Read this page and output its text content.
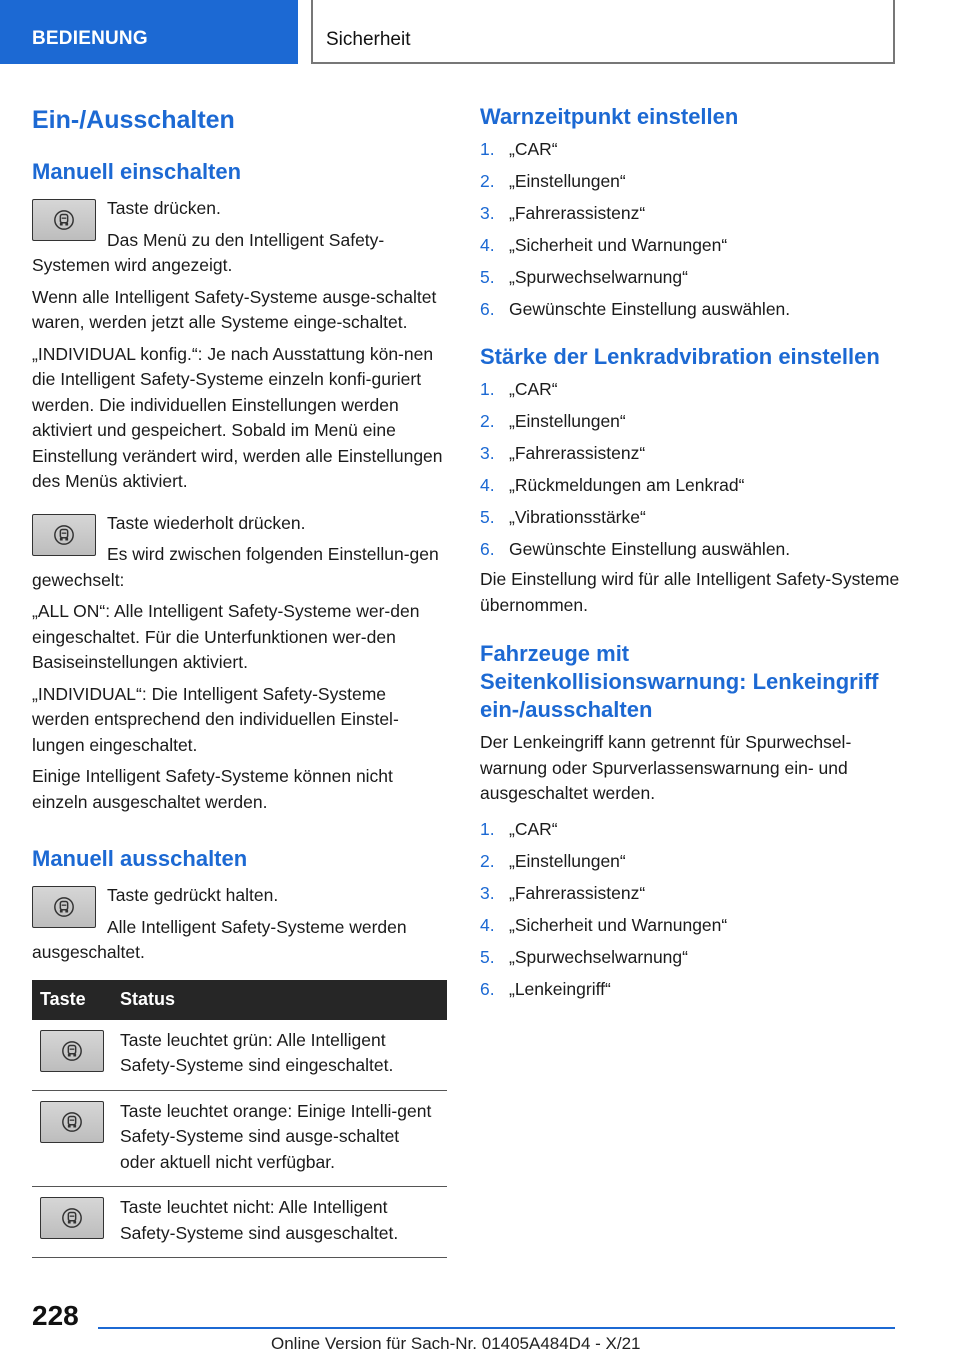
BEDIENUNG	Sicherheit
Ein-/Ausschalten
Manuell einschalten

Taste drücken.

Das Menü zu den Intelligent Safety-Systemen wird angezeigt.

Wenn alle Intelligent Safety-Systeme ausge-schaltet waren, werden jetzt alle Systeme einge-schaltet.

„INDIVIDUAL konfig.“: Je nach Ausstattung kön-nen die Intelligent Safety-Systeme einzeln konfi-guriert werden. Die individuellen Einstellungen werden aktiviert und gespeichert. Sobald im Menü eine Einstellung verändert wird, werden alle Einstellungen des Menüs aktiviert.

Taste wiederholt drücken.

Es wird zwischen folgenden Einstellun-gen gewechselt:

„ALL ON“: Alle Intelligent Safety-Systeme wer-den eingeschaltet. Für die Unterfunktionen wer-den Basiseinstellungen aktiviert.

„INDIVIDUAL“: Die Intelligent Safety-Systeme werden entsprechend den individuellen Einstel-lungen eingeschaltet.

Einige Intelligent Safety-Systeme können nicht einzeln ausgeschaltet werden.

Manuell ausschalten

Taste gedrückt halten.

Alle Intelligent Safety-Systeme werden ausgeschaltet.

Taste	Status

	Taste leuchtet grün: Alle Intelligent Safety-Systeme sind eingeschaltet.

	Taste leuchtet orange: Einige Intelli-gent Safety-Systeme sind ausge-schaltet oder aktuell nicht verfügbar.

	Taste leuchtet nicht: Alle Intelligent Safety-Systeme sind ausgeschaltet.
Warnzeitpunkt einstellen
1. „CAR“
2. „Einstellungen“
3. „Fahrerassistenz“
4. „Sicherheit und Warnungen“
5. „Spurwechselwarnung“
6. Gewünschte Einstellung auswählen.
Stärke der Lenkradvibration einstellen
1. „CAR“
2. „Einstellungen“
3. „Fahrerassistenz“
4. „Rückmeldungen am Lenkrad“
5. „Vibrationsstärke“
6. Gewünschte Einstellung auswählen.

Die Einstellung wird für alle Intelligent Safety-Systeme übernommen.

Fahrzeuge mit Seitenkollisionswarnung: Lenkeingriff ein-/ausschalten

Der Lenkeingriff kann getrennt für Spurwechsel-warnung oder Spurverlassenswarnung ein- und ausgeschaltet werden.

1. „CAR“
2. „Einstellungen“
3. „Fahrerassistenz“
4. „Sicherheit und Warnungen“
5. „Spurwechselwarnung“
6. „Lenkeingriff“
228
Online Version für Sach-Nr. 01405A484D4 - X/21
